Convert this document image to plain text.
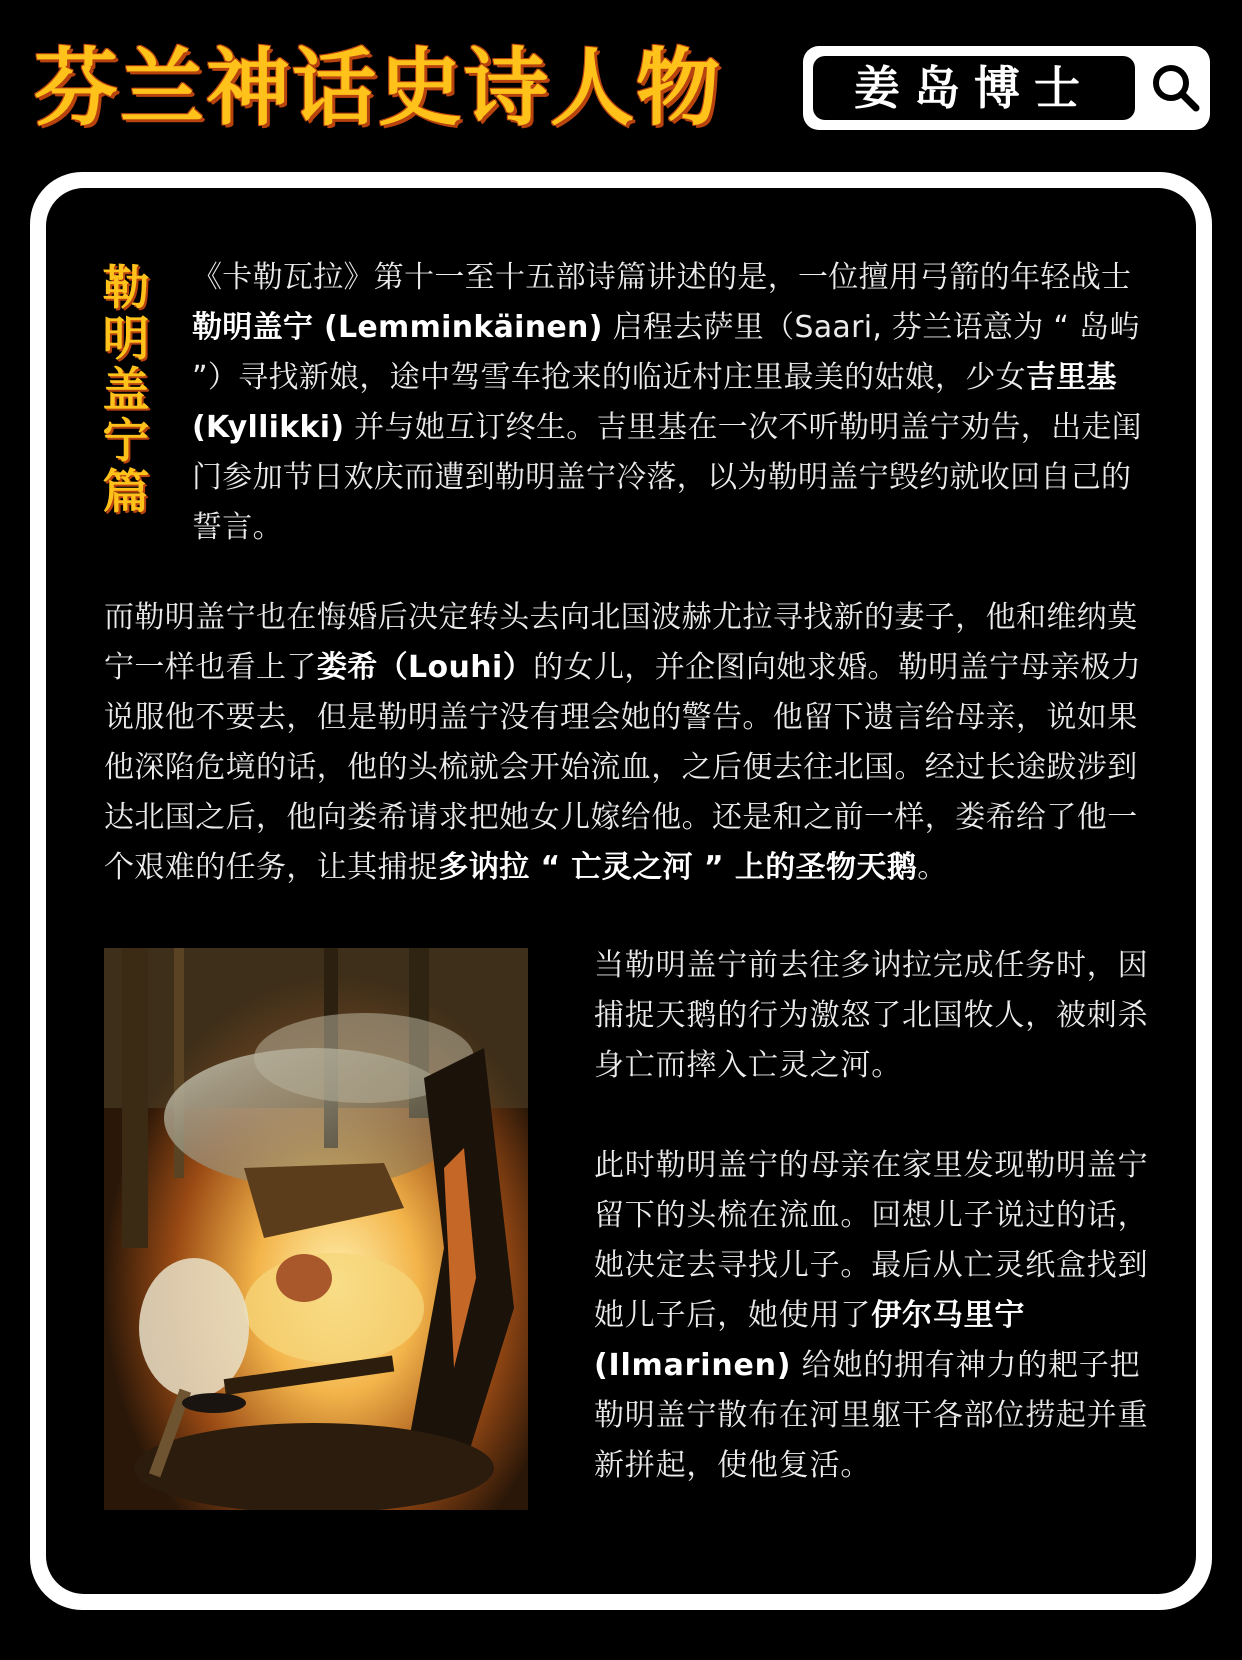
芬兰神话史诗人物	姜岛博士
勒
明
盖
宁
篇

《卡勒瓦拉》第十一至十五部诗篇讲述的是，一位擅用弓箭的年轻战士勒明盖宁 (Lemminkäinen) 启程去萨里（Saari, 芬兰语意为 “ 岛屿 ”）寻找新娘，途中驾雪车抢来的临近村庄里最美的姑娘，少女吉里基 (Kyllikki) 并与她互订终生。吉里基在一次不听勒明盖宁劝告，出走闺门参加节日欢庆而遭到勒明盖宁冷落，以为勒明盖宁毁约就收回自己的誓言。

而勒明盖宁也在悔婚后决定转头去向北国波赫尤拉寻找新的妻子，他和维纳莫宁一样也看上了娄希（Louhi）的女儿，并企图向她求婚。勒明盖宁母亲极力说服他不要去，但是勒明盖宁没有理会她的警告。他留下遗言给母亲，说如果他深陷危境的话，他的头梳就会开始流血，之后便去往北国。经过长途跋涉到达北国之后，他向娄希请求把她女儿嫁给他。还是和之前一样，娄希给了他一个艰难的任务，让其捕捉多讷拉 “ 亡灵之河 ” 上的圣物天鹅。

当勒明盖宁前去往多讷拉完成任务时，因捕捉天鹅的行为激怒了北国牧人，被刺杀身亡而摔入亡灵之河。

此时勒明盖宁的母亲在家里发现勒明盖宁留下的头梳在流血。回想儿子说过的话，她决定去寻找儿子。最后从亡灵纸盒找到她儿子后，她使用了伊尔马里宁 (Ilmarinen) 给她的拥有神力的耙子把勒明盖宁散布在河里躯干各部位捞起并重新拼起，使他复活。
